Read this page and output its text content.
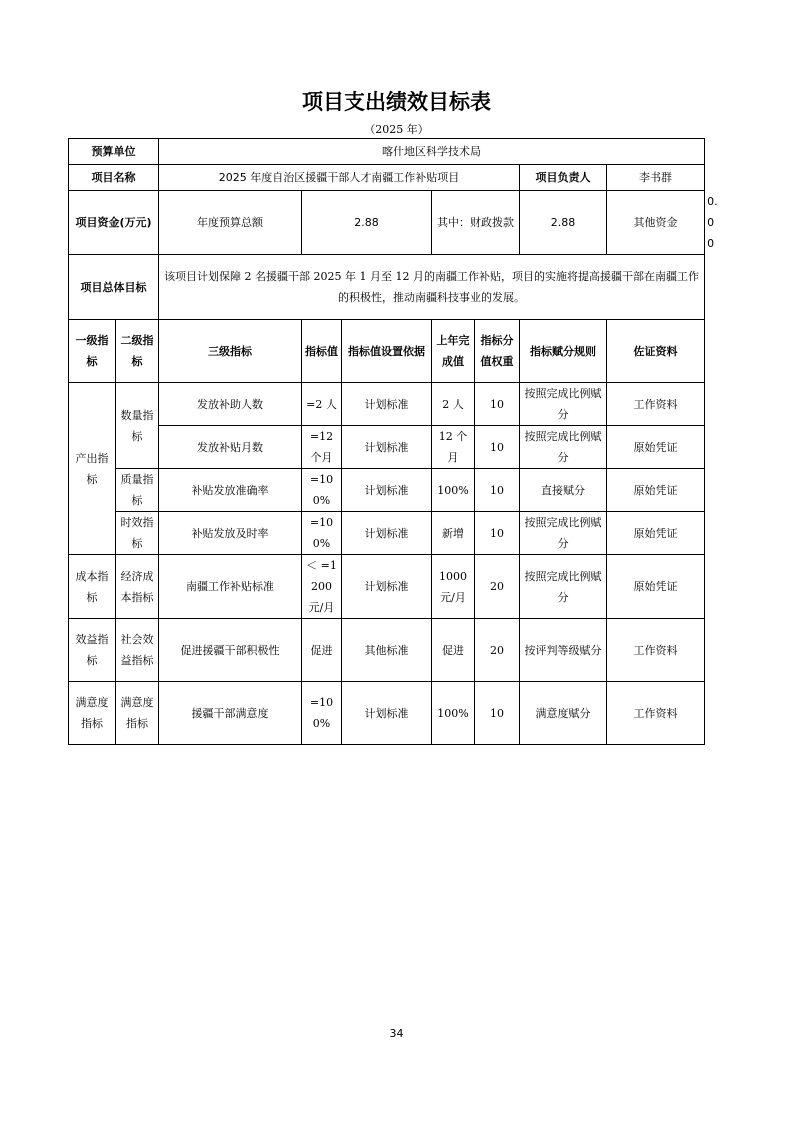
项目支出绩效目标表
（2025 年）
预算单位		喀什地区科学技术局							
项目名称		2025 年度自治区援疆干部人才南疆工作补贴项目					项目负责人	李书群	
项目资金(万元)		年度预算总额	2.88		其中：财政拨款		2.88	其他资金	0.00
项目总体目标		该项目计划保障 2 名援疆干部 2025 年 1 月至 12 月的南疆工作补贴，项目的实施将提高援疆干部在南疆工作的积极性，推动南疆科技事业的发展。							
一级指标	二级指标	三级指标	指标值	指标值设置依据	上年完成值	指标分值权重	指标赋分规则	佐证资料	
产出指标	数量指标	发放补助人数	=2 人	计划标准	2 人	10	按照完成比例赋分	工作资料	
		发放补贴月数	=12 个月	计划标准	12 个月	10	按照完成比例赋分	原始凭证	
	质量指标	补贴发放准确率	=100%	计划标准	100%	10	直接赋分	原始凭证	
	时效指标	补贴发放及时率	=100%	计划标准	新增	10	按照完成比例赋分	原始凭证	
成本指标	经济成本指标	南疆工作补贴标准	＜ =1200 元/月	计划标准	1000 元/月	20	按照完成比例赋分	原始凭证	
效益指标	社会效益指标	促进援疆干部积极性	促进	其他标准	促进	20	按评判等级赋分	工作资料	
满意度指标	满意度指标	援疆干部满意度	=100%	计划标准	100%	10	满意度赋分	工作资料	
34
